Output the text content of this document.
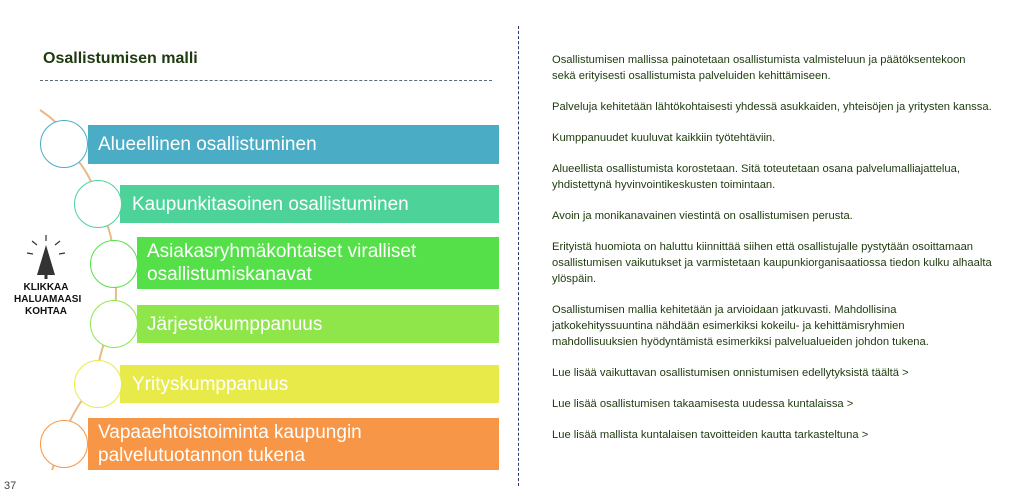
Osallistumisen malli
Alueellinen osallistuminen
Kaupunkitasoinen osallistuminen
Asiakasryhmäkohtaiset viralliset osallistumiskanavat
Järjestökumppanuus
Yrityskumppanuus
Vapaaehtoistoiminta kaupungin palvelutuotannon tukena
KLIKKAA HALUAMAASI KOHTAA

Osallistumisen mallissa painotetaan osallistumista valmisteluun ja päätöksentekoon sekä erityisesti osallistumista palveluiden kehittämiseen.

Palveluja kehitetään lähtökohtaisesti yhdessä asukkaiden, yhteisöjen ja yritysten kanssa.

Kumppanuudet kuuluvat kaikkiin työtehtäviin.

Alueellista osallistumista korostetaan. Sitä toteutetaan osana palvelumalliajattelua, yhdistettynä hyvinvointikeskusten toimintaan.

Avoin ja monikanavainen viestintä on osallistumisen perusta.

Erityistä huomiota on haluttu kiinnittää siihen että osallistujalle pystytään osoittamaan osallistumisen vaikutukset ja varmistetaan kaupunkiorganisaatiossa tiedon kulku alhaalta ylöspäin.

Osallistumisen mallia kehitetään ja arvioidaan jatkuvasti. Mahdollisina jatkokehityssuuntina nähdään esimerkiksi kokeilu- ja kehittämisryhmien mahdollisuuksien hyödyntämistä esimerkiksi palvelualueiden johdon tukena.

Lue lisää vaikuttavan osallistumisen onnistumisen edellytyksistä täältä >

Lue lisää osallistumisen takaamisesta uudessa kuntalaissa >

Lue lisää mallista kuntalaisen tavoitteiden kautta tarkasteltuna >

37
